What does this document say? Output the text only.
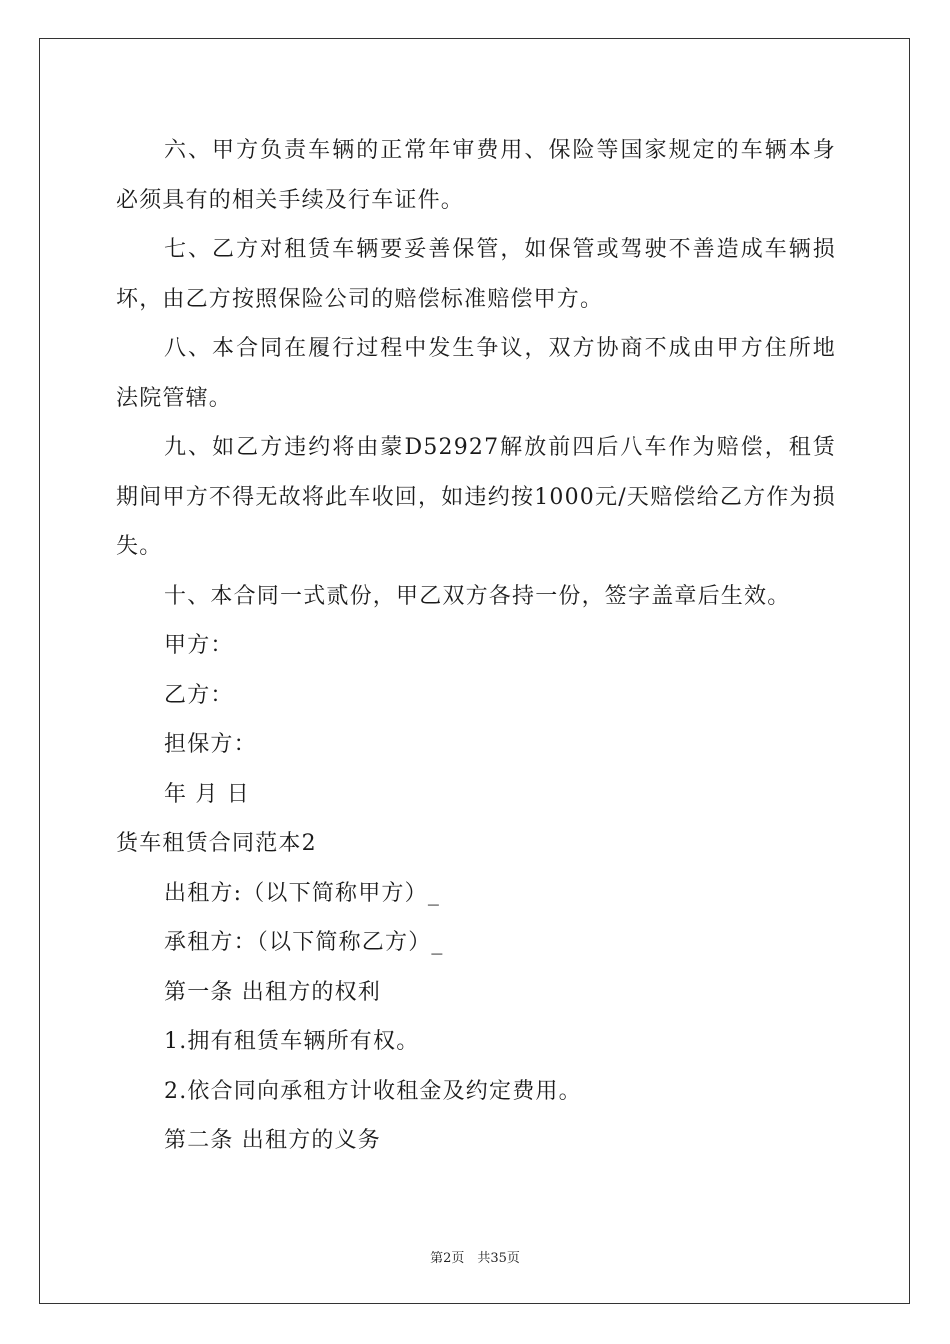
六、甲方负责车辆的正常年审费用、保险等国家规定的车辆本身必须具有的相关手续及行车证件。

七、乙方对租赁车辆要妥善保管，如保管或驾驶不善造成车辆损坏，由乙方按照保险公司的赔偿标准赔偿甲方。

八、本合同在履行过程中发生争议，双方协商不成由甲方住所地法院管辖。

九、如乙方违约将由蒙D52927解放前四后八车作为赔偿，租赁期间甲方不得无故将此车收回，如违约按1000元/天赔偿给乙方作为损失。

十、本合同一式贰份，甲乙双方各持一份，签字盖章后生效。

甲方：

乙方：

担保方：

年 月 日

货车租赁合同范本2

出租方:（以下简称甲方）_

承租方：（以下简称乙方）_

第一条 出租方的权利

1.拥有租赁车辆所有权。

2.依合同向承租方计收租金及约定费用。

第二条 出租方的义务

第2页　共35页
